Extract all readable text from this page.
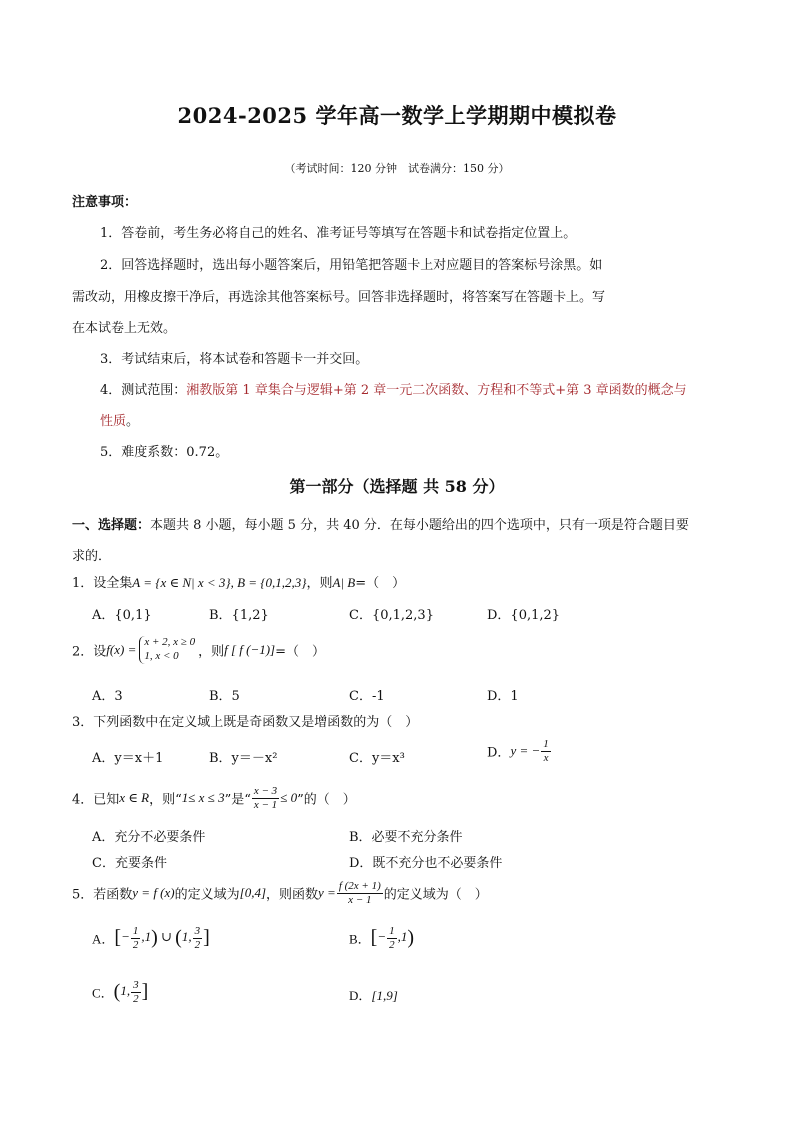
2024-2025 学年高一数学上学期期中模拟卷
（考试时间：120 分钟　试卷满分：150 分）
注意事项：
1．答卷前，考生务必将自己的姓名、准考证号等填写在答题卡和试卷指定位置上。
2．回答选择题时，选出每小题答案后，用铅笔把答题卡上对应题目的答案标号涂黑。如
需改动，用橡皮擦干净后，再选涂其他答案标号。回答非选择题时，将答案写在答题卡上。写
在本试卷上无效。
3．考试结束后，将本试卷和答题卡一并交回。
4．测试范围：湘教版第 1 章集合与逻辑+第 2 章一元二次函数、方程和不等式+第 3 章函数的概念与
性质。
5．难度系数：0.72。
第一部分（选择题 共 58 分）
一、选择题：本题共 8 小题，每小题 5 分，共 40 分．在每小题给出的四个选项中，只有一项是符合题目要
求的．
1．设全集A = {x ∈ N| x < 3}, B = {0,1,2,3}，则A| B=（　）
A．{0,1}	B．{1,2}	C．{0,1,2,3}	D．{0,1,2}
2．设f(x) = x + 2, x ≥ 0
1, x < 0	，则f [ f (−1)]=（　）
A．3	B．5	C．-1	D．1
3．下列函数中在定义域上既是奇函数又是增函数的为（　）
A．y＝x＋1	B．y＝－x²	C．y＝x³	D．y = − $\frac{1}{x}$
4．已知x ∈ R，则“1≤ x ≤ 3”是“ $\frac{x - 3}{x - 1} \le 0$”的（　）
A．充分不必要条件	B．必要不充分条件
C．充要条件	D．既不充分也不必要条件
5．若函数y = f (x)的定义域为[0,4]，则函数$y = \frac{f (2x + 1)}{x - 1}$ 的定义域为（　）
A．[− $\frac{1}{2} ,1$) ∪ (1, $\frac{3}{2}$ ]	B．[− $\frac{1}{2} ,1$)
C．(1, $\frac{3}{2}$ ]	D．[1,9]
